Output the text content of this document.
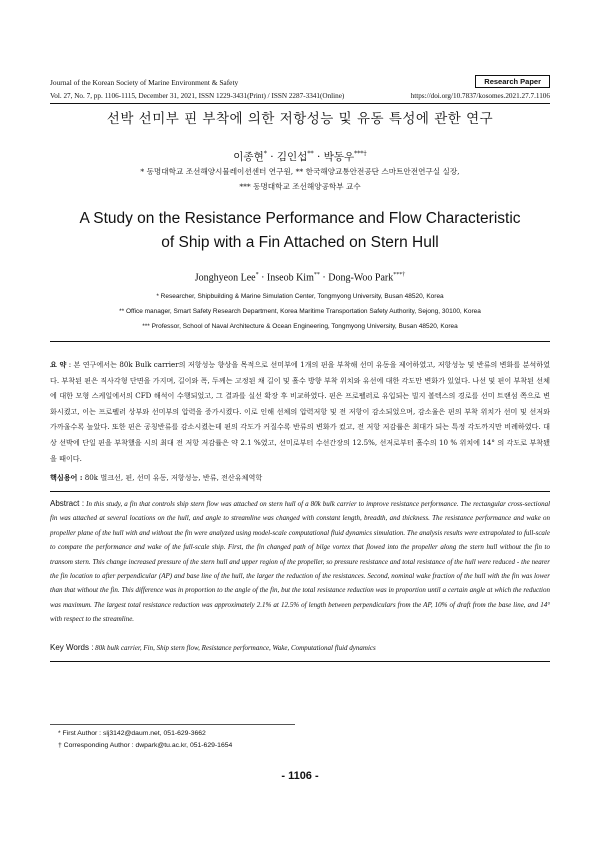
Journal of the Korean Society of Marine Environment & Safety	Research Paper
Vol. 27, No. 7, pp. 1106-1115, December 31, 2021, ISSN 1229-3431(Print) / ISSN 2287-3341(Online)	https://doi.org/10.7837/kosomes.2021.27.7.1106
선박 선미부 핀 부착에 의한 저항성능 및 유동 특성에 관한 연구
이종현* · 김인섭** · 박동우***†
* 동명대학교 조선해양시뮬레이션센터 연구원, ** 한국해양교통안전공단 스마트안전연구실 실장,
*** 동명대학교 조선해양공학부 교수
A Study on the Resistance Performance and Flow Characteristic
of Ship with a Fin Attached on Stern Hull
Jonghyeon Lee* · Inseob Kim** · Dong-Woo Park***†
* Researcher, Shipbuilding & Marine Simulation Center, Tongmyong University, Busan 48520, Korea
** Office manager, Smart Safety Research Department, Korea Maritime Transportation Safety Authority, Sejong, 30100, Korea
*** Professor, School of Naval Architecture & Ocean Engineering, Tongmyong University, Busan 48520, Korea
요 약 : 본 연구에서는 80k Bulk carrier의 저항성능 향상을 목적으로 선미부에 1개의 핀을 부착해 선미 유동을 제어하였고, 저항성능 및 반류의 변화를 분석하였다. 부착된 핀은 직사각형 단면을 가지며, 길이와 폭, 두께는 고정된 채 길이 및 흘수 방향 부착 위치와 유선에 대한 각도만 변화가 있었다. 나선 및 핀이 부착된 선체에 대한 모형 스케일에서의 CFD 해석이 수행되었고, 그 결과를 실선 확장 후 비교하였다. 핀은 프로펠러로 유입되는 빌지 볼텍스의 경로를 선미 트랜섬 쪽으로 변화시켰고, 이는 프로펠러 상부와 선미부의 압력을 증가시켰다. 이로 인해 선체의 압력저항 및 전 저항이 감소되었으며, 감소율은 핀의 부착 위치가 선미 및 선저와 가까울수록 높았다. 또한 핀은 공칭반류를 감소시켰는데 핀의 각도가 커질수록 반류의 변화가 컸고, 전 저항 저감률은 최대가 되는 특정 각도까지만 비례하였다. 대상 선박에 단일 핀을 부착했을 시의 최대 전 저항 저감률은 약 2.1 %였고, 선미로부터 수선간장의 12.5%, 선저로부터 흘수의 10 % 위치에 14° 의 각도로 부착됐을 때이다.
핵심용어 : 80k 벌크선, 핀, 선미 유동, 저항성능, 반류, 전산유체역학
Abstract : In this study, a fin that controls ship stern flow was attached on stern hull of a 80k bulk carrier to improve resistance performance. The rectangular cross-sectional fin was attached at several locations on the hull, and angle to streamline was changed with constant length, breadth, and thickness. The resistance performance and wake on propeller plane of the hull with and without the fin were analyzed using model-scale computational fluid dynamics simulation. The analysis results were extrapolated to full-scale to compare the performance and wake of the full-scale ship. First, the fin changed path of bilge vortex that flowed into the propeller along the stern hull without the fin to transom stern. This change increased pressure of the stern hull and upper region of the propeller, so pressure resistance and total resistance of the hull were reduced - the nearer the fin location to after perpendicular (AP) and base line of the hull, the larger the reduction of the resistances. Second, nominal wake fraction of the hull with the fin was lower than that without the fin. This difference was in proportion to the angle of the fin, but the total resistance reduction was in proportion until a certain angle at which the reduction was maximum. The largest total resistance reduction was approximately 2.1% at 12.5% of length between perpendiculars from the AP, 10% of draft from the base line, and 14° with respect to the streamline.
Key Words : 80k bulk carrier, Fin, Ship stern flow, Resistance performance, Wake, Computational fluid dynamics
* First Author : slj3142@daum.net, 051-629-3662
† Corresponding Author : dwpark@tu.ac.kr, 051-629-1654
- 1106 -
